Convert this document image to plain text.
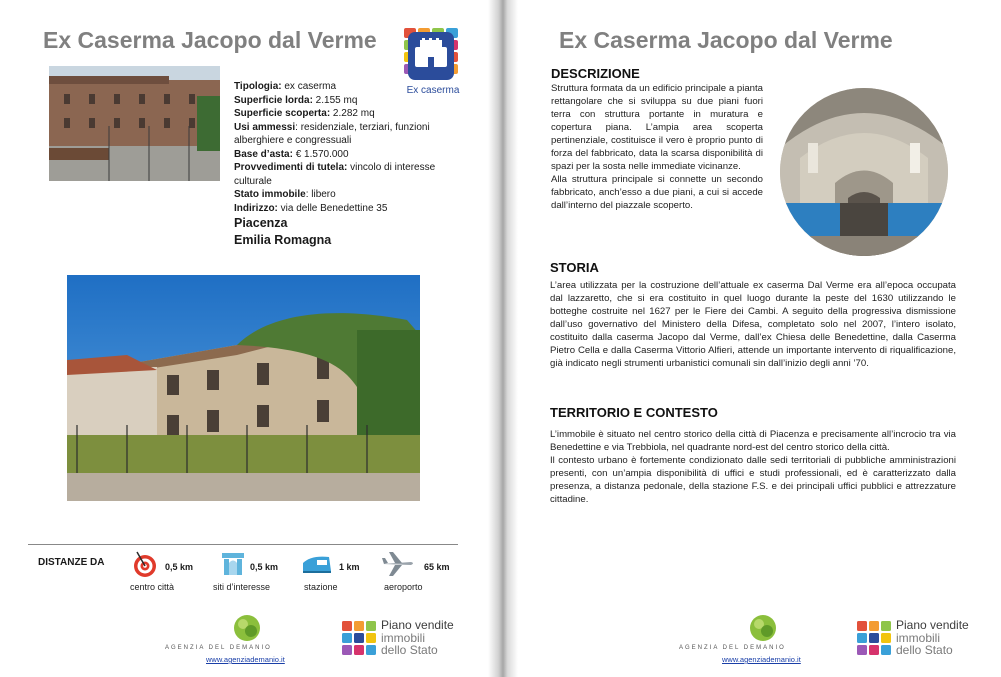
Ex Caserma Jacopo dal Verme
Ex caserma

Tipologia: ex caserma

Superficie lorda: 2.155 mq

Superficie scoperta: 2.282 mq

Usi ammessi: residenziale, terziari, funzioni alberghiere e congressuali

Base d’asta: € 1.570.000

Provvedimenti di tutela: vincolo di interesse culturale

Stato immobile: libero

Indirizzo: via delle Benedettine 35

Piacenza

Emilia Romagna

DISTANZE DA	0,5 km
centro città
0,5 km
siti d’interesse
1 km
stazione
65 km
aeroporto
AGENZIA DEL DEMANIO
www.agenziademanio.it
Piano vendite
immobili
dello Stato
Ex Caserma Jacopo dal Verme
DESCRIZIONE

Struttura formata da un edificio principale a pianta rettangolare che si sviluppa su due piani fuori terra con struttura portante in muratura e copertura piana. L’ampia area scoperta pertinenziale, costituisce il vero è proprio punto di forza del fabbricato, data la scarsa disponibilità di spazi per la sosta nelle immediate vicinanze.

Alla struttura principale si connette un secondo fabbricato, anch’esso a due piani, a cui si accede dall’interno del piazzale scoperto.

STORIA

L’area utilizzata per la costruzione dell’attuale ex caserma Dal Verme era all’epoca occupata dal lazzaretto, che si era costituito in quel luogo durante la peste del 1630 utilizzando le botteghe costruite nel 1627 per le Fiere dei Cambi. A seguito della progressiva dismissione dall’uso governativo del Ministero della Difesa, completato solo nel 2007, l’intero isolato, costituito dalla caserma Jacopo dal Verme, dall’ex Chiesa delle Benedettine, dalla Caserma Pietro Cella e dalla Caserma Vittorio Alfieri, attende un importante intervento di riqualificazione, già indicato negli strumenti urbanistici comunali sin dall’inizio degli anni ’70.

TERRITORIO E CONTESTO

L’immobile è situato nel centro storico della città di Piacenza e precisamente all’incrocio tra via Benedettine e via Trebbiola, nel quadrante nord-est del centro storico della città.

Il contesto urbano è fortemente condizionato dalle sedi territoriali di pubbliche amministrazioni presenti, con un’ampia disponibilità di uffici e studi professionali, ed è caratterizzato dalla presenza, a distanza pedonale, della stazione F.S. e dei principali uffici pubblici e attrezzature cittadine.

AGENZIA DEL DEMANIO
www.agenziademanio.it
Piano vendite
immobili
dello Stato
